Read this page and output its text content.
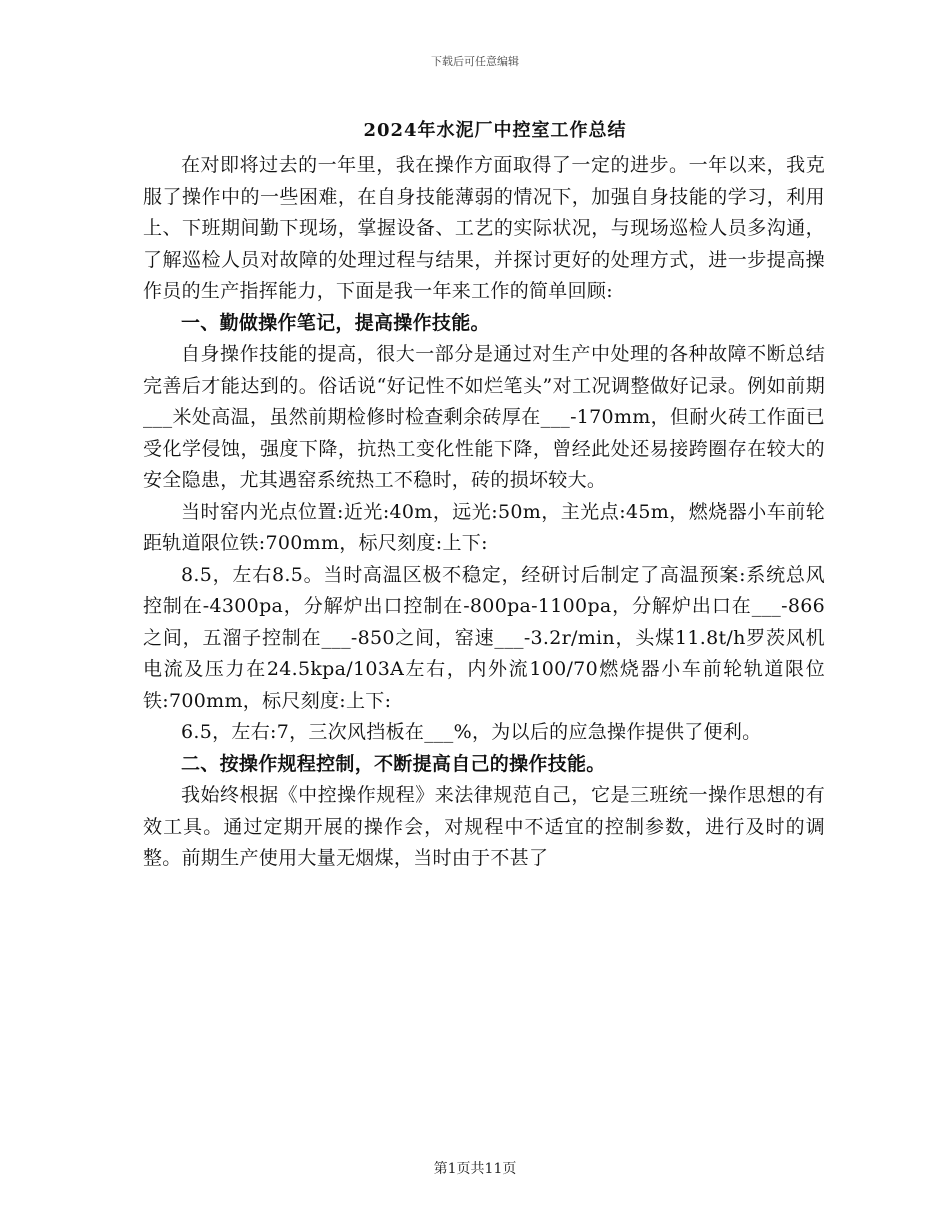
下载后可任意编辑
2024年水泥厂中控室工作总结

在对即将过去的一年里，我在操作方面取得了一定的进步。一年以来，我克服了操作中的一些困难，在自身技能薄弱的情况下，加强自身技能的学习，利用上、下班期间勤下现场，掌握设备、工艺的实际状况，与现场巡检人员多沟通，了解巡检人员对故障的处理过程与结果，并探讨更好的处理方式，进一步提高操作员的生产指挥能力，下面是我一年来工作的简单回顾:

一、勤做操作笔记，提高操作技能。

自身操作技能的提高，很大一部分是通过对生产中处理的各种故障不断总结完善后才能达到的。俗话说“好记性不如烂笔头”对工况调整做好记录。例如前期___米处高温，虽然前期检修时检查剩余砖厚在___-170mm，但耐火砖工作面已受化学侵蚀，强度下降，抗热工变化性能下降，曾经此处还易接跨圈存在较大的安全隐患，尤其遇窑系统热工不稳时，砖的损坏较大。

当时窑内光点位置:近光:40m，远光:50m，主光点:45m，燃烧器小车前轮距轨道限位铁:700mm，标尺刻度:上下:

8.5，左右8.5。当时高温区极不稳定，经研讨后制定了高温预案:系统总风控制在-4300pa，分解炉出口控制在-800pa-1100pa，分解炉出口在___-866之间，五溜子控制在___-850之间，窑速___-3.2r/min，头煤11.8t/h罗茨风机电流及压力在24.5kpa/103A左右，内外流100/70燃烧器小车前轮轨道限位铁:700mm，标尺刻度:上下:

6.5，左右:7，三次风挡板在___%，为以后的应急操作提供了便利。

二、按操作规程控制，不断提高自己的操作技能。

我始终根据《中控操作规程》来法律规范自己，它是三班统一操作思想的有效工具。通过定期开展的操作会，对规程中不适宜的控制参数，进行及时的调整。前期生产使用大量无烟煤，当时由于不甚了

第1页共11页
